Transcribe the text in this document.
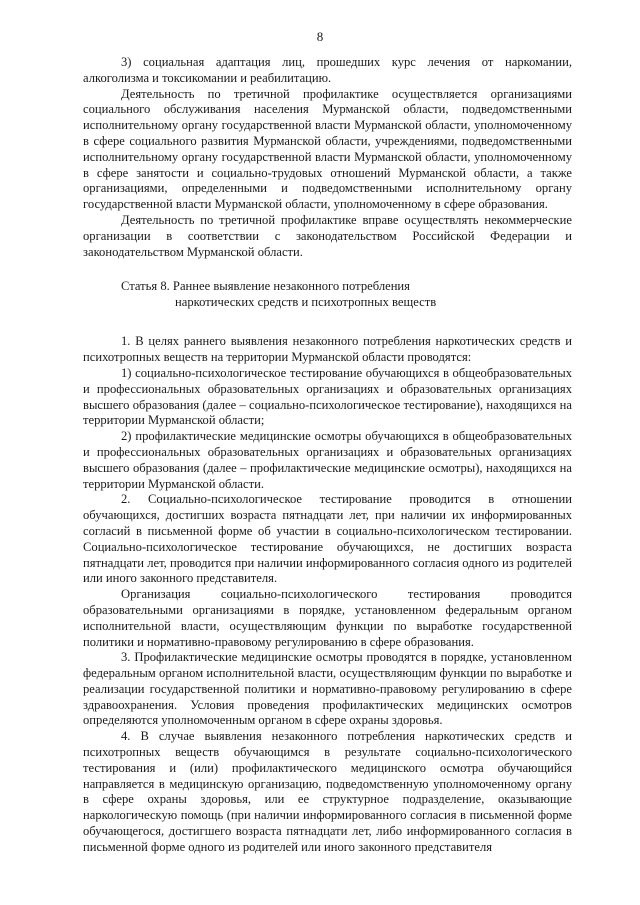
8

3) социальная адаптация лиц, прошедших курс лечения от наркомании, алкоголизма и токсикомании и реабилитацию.

Деятельность по третичной профилактике осуществляется организациями социального обслуживания населения Мурманской области, подведомственными исполнительному органу государственной власти Мурманской области, уполномоченному в сфере социального развития Мурманской области, учреждениями, подведомственными исполнительному органу государственной власти Мурманской области, уполномоченному в сфере занятости и социально-трудовых отношений Мурманской области, а также организациями, определенными и подведомственными исполнительному органу государственной власти Мурманской области, уполномоченному в сфере образования.

Деятельность по третичной профилактике вправе осуществлять некоммерческие организации в соответствии с законодательством Российской Федерации и законодательством Мурманской области.

Статья 8. Раннее выявление незаконного потребления
наркотических средств и психотропных веществ

1. В целях раннего выявления незаконного потребления наркотических средств и психотропных веществ на территории Мурманской области проводятся:

1) социально-психологическое тестирование обучающихся в общеобразовательных и профессиональных образовательных организациях и образовательных организациях высшего образования (далее – социально-психологическое тестирование), находящихся на территории Мурманской области;

2) профилактические медицинские осмотры обучающихся в общеобразовательных и профессиональных образовательных организациях и образовательных организациях высшего образования (далее – профилактические медицинские осмотры), находящихся на территории Мурманской области.

2. Социально-психологическое тестирование проводится в отношении обучающихся, достигших возраста пятнадцати лет, при наличии их информированных согласий в письменной форме об участии в социально-психологическом тестировании. Социально-психологическое тестирование обучающихся, не достигших возраста пятнадцати лет, проводится при наличии информированного согласия одного из родителей или иного законного представителя.

Организация социально-психологического тестирования проводится образовательными организациями в порядке, установленном федеральным органом исполнительной власти, осуществляющим функции по выработке государственной политики и нормативно-правовому регулированию в сфере образования.

3. Профилактические медицинские осмотры проводятся в порядке, установленном федеральным органом исполнительной власти, осуществляющим функции по выработке и реализации государственной политики и нормативно-правовому регулированию в сфере здравоохранения. Условия проведения профилактических медицинских осмотров определяются уполномоченным органом в сфере охраны здоровья.

4. В случае выявления незаконного потребления наркотических средств и психотропных веществ обучающимся в результате социально-психологического тестирования и (или) профилактического медицинского осмотра обучающийся направляется в медицинскую организацию, подведомственную уполномоченному органу в сфере охраны здоровья, или ее структурное подразделение, оказывающие наркологическую помощь (при наличии информированного согласия в письменной форме обучающегося, достигшего возраста пятнадцати лет, либо информированного согласия в письменной форме одного из родителей или иного законного представителя
